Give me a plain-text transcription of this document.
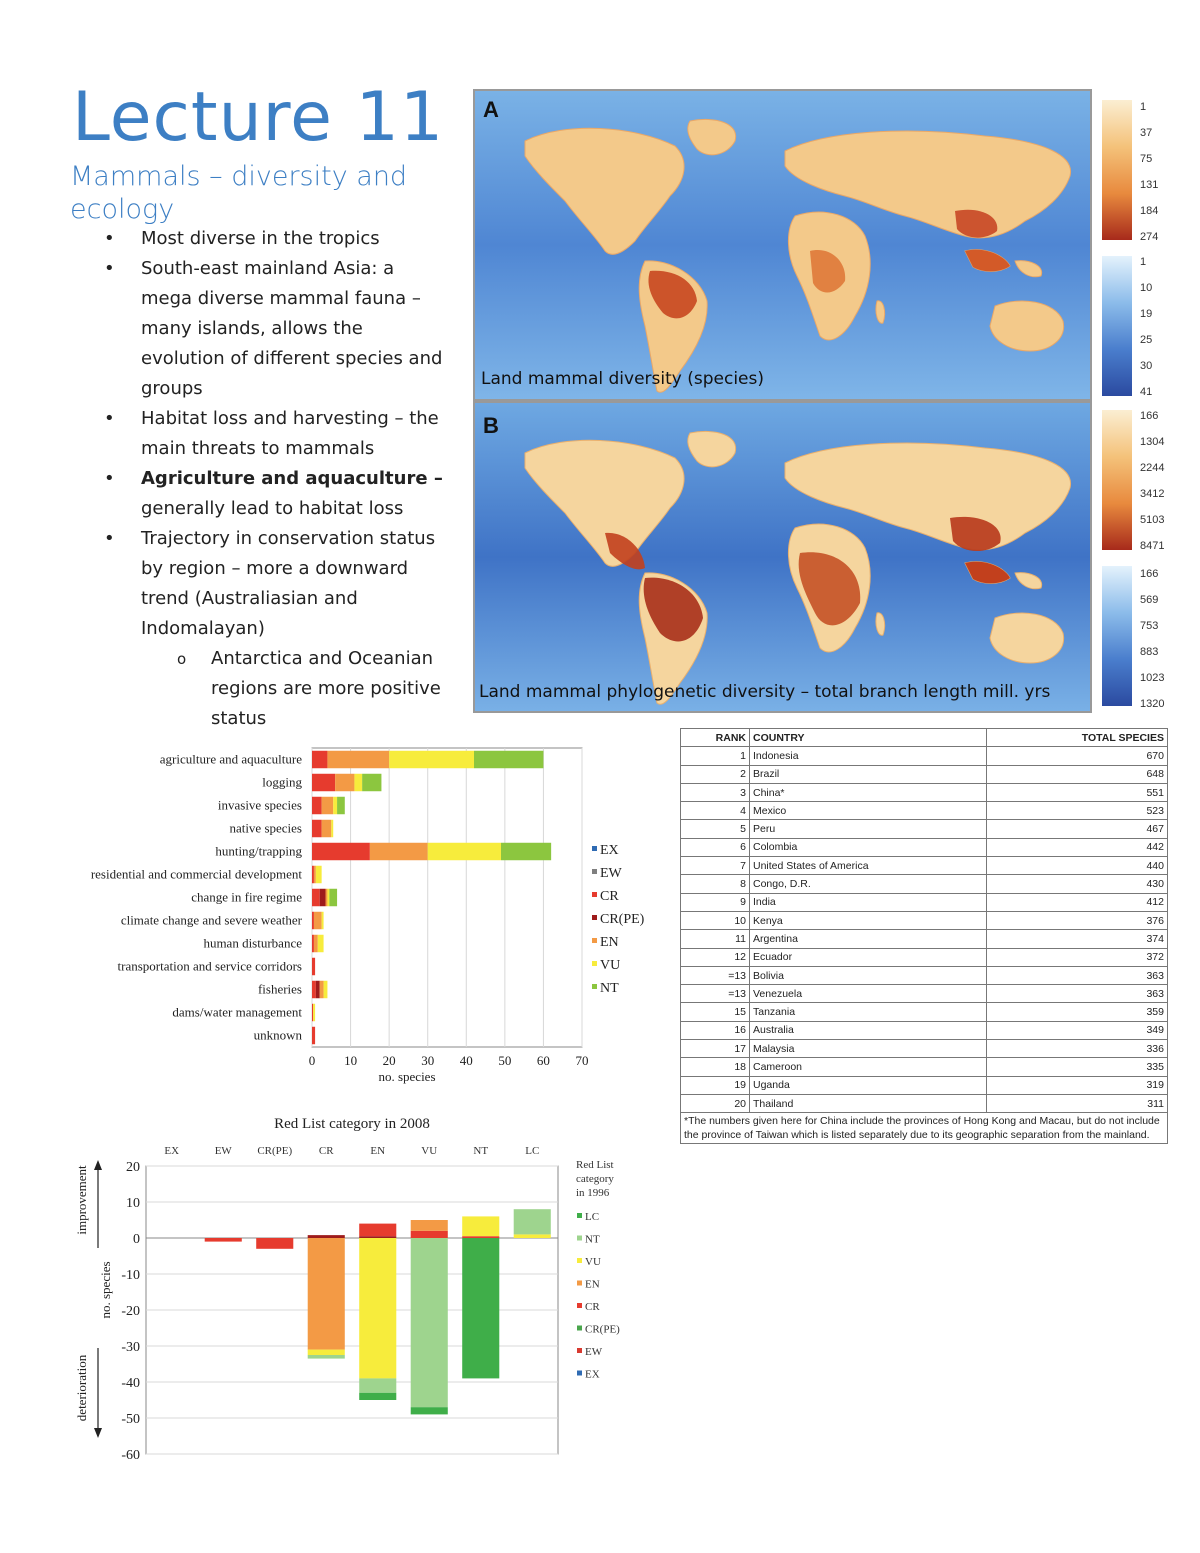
Lecture 11
Mammals – diversity and ecology
• Most diverse in the tropics
• South-east mainland Asia: a mega diverse mammal fauna – many islands, allows the evolution of different species and groups
• Habitat loss and harvesting – the main threats to mammals
• Agriculture and aquaculture – generally lead to habitat loss
• Trajectory in conservation status by region – more a downward trend (Australiasian and Indomalayan)
o Antarctica and Oceanian regions are more positive status
A
Land mammal diversity (species)
B
Land mammal phylogenetic diversity – total branch length mill. yrs
1
37
75
131
184
274
1
10
19
25
30
41
166
1304
2244
3412
5103
8471
166
569
753
883
1023
1320
RANK	COUNTRY	TOTAL SPECIES
1	Indonesia	670
2	Brazil	648
3	China*	551
4	Mexico	523
5	Peru	467
6	Colombia	442
7	United States of America	440
8	Congo, D.R.	430
9	India	412
10	Kenya	376
11	Argentina	374
12	Ecuador	372
=13	Bolivia	363
=13	Venezuela	363
15	Tanzania	359
16	Australia	349
17	Malaysia	336
18	Cameroon	335
19	Uganda	319
20	Thailand	311
*The numbers given here for China include the provinces of Hong Kong and Macau, but do not include the province of Taiwan which is listed separately due to its geographic separation from the mainland.
0 10 20 30 40 50 60 70
no. species
agriculture and aquaculture
logging
invasive species
native species
hunting/trapping
residential and commercial development
change in fire regime
climate change and severe weather
human disturbance
transportation and service corridors
fisheries
dams/water management
unknown
EX
EW
CR
CR(PE)
EN
VU
NT
Red List category in 2008
20
10
0
-10
-20
-30
-40
-50
-60
EX	EW CR(PE) CR	EN	VU	NT	LC
no. species
improvement
deterioration
Red List category in 1996
LC
NT
VU
EN
CR
CR(PE)
EW
EX
